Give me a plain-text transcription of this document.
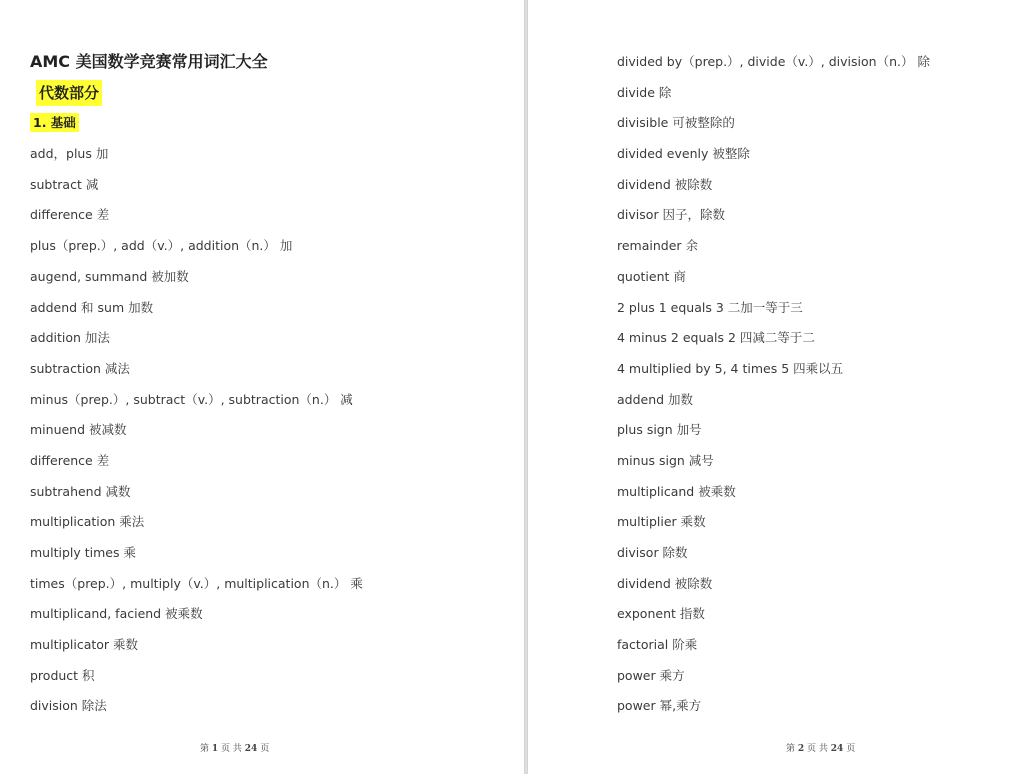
AMC 美国数学竞赛常用词汇大全
代数部分
1. 基础
add，plus 加
subtract 减
difference 差
plus（prep.）, add（v.）, addition（n.） 加
augend, summand 被加数
addend 和 sum 加数
addition 加法
subtraction 减法
minus（prep.）, subtract（v.）, subtraction（n.） 减
minuend 被减数
difference 差
subtrahend 减数
multiplication 乘法
multiply times 乘
times（prep.）, multiply（v.）, multiplication（n.） 乘
multiplicand, faciend 被乘数
multiplicator 乘数
product 积
division 除法
第 1 页 共 24 页
divided by（prep.）, divide（v.）, division（n.） 除
divide 除
divisible 可被整除的
divided evenly 被整除
dividend 被除数
divisor 因子，除数
remainder 余
quotient 商
2 plus 1 equals 3 二加一等于三
4 minus 2 equals 2 四减二等于二
4 multiplied by 5, 4 times 5 四乘以五
addend 加数
plus sign 加号
minus sign 减号
multiplicand 被乘数
multiplier 乘数
divisor 除数
dividend 被除数
exponent 指数
factorial 阶乘
power 乘方
power 幂,乘方
第 2 页 共 24 页
